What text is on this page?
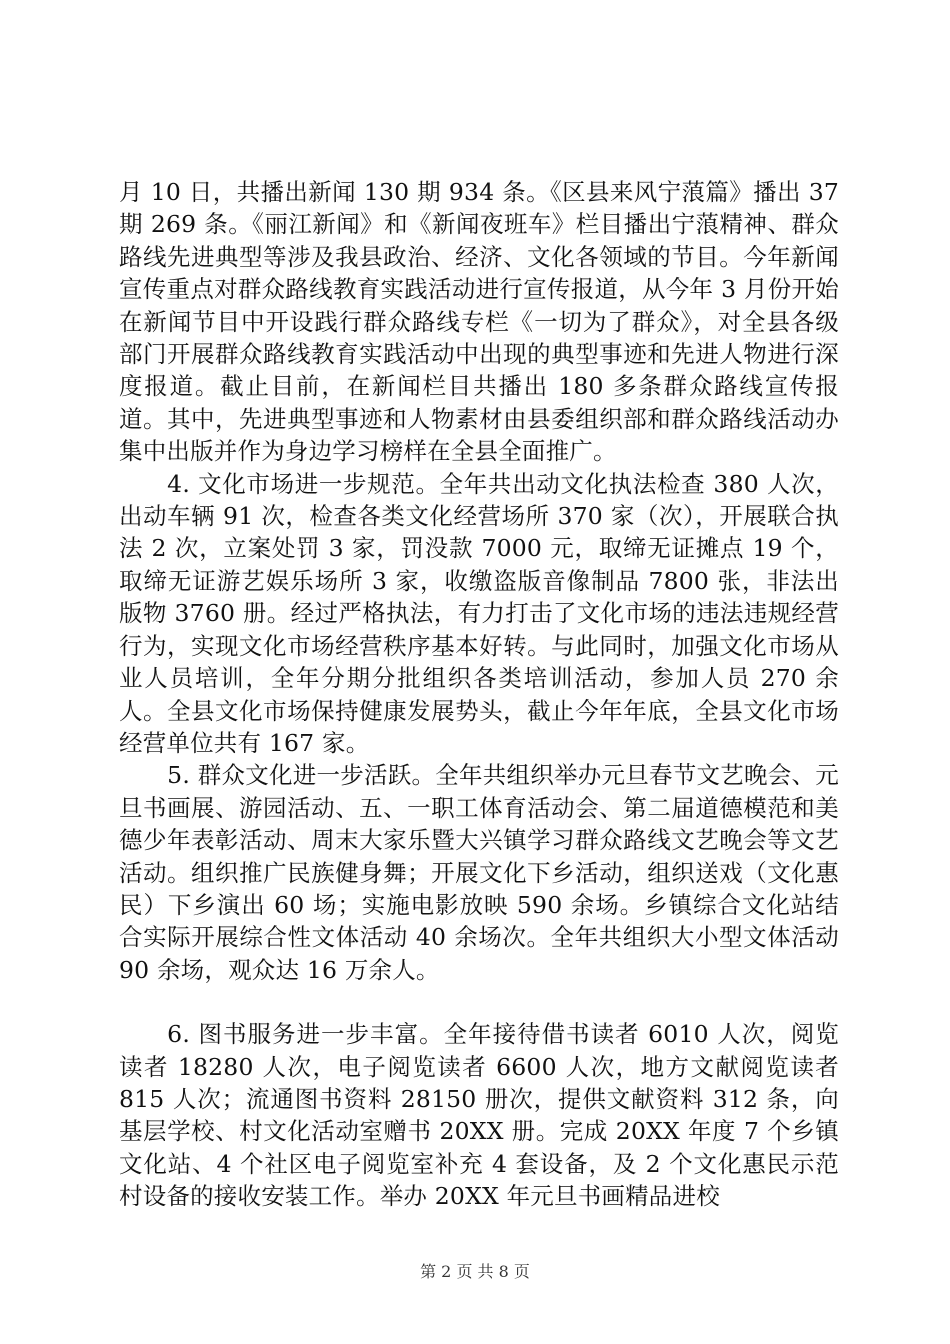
月 10 日，共播出新闻 130 期 934 条。《区县来风宁蒗篇》播出 37 期 269 条。《丽江新闻》和《新闻夜班车》栏目播出宁蒗精神、群众路线先进典型等涉及我县政治、经济、文化各领域的节目。今年新闻宣传重点对群众路线教育实践活动进行宣传报道，从今年 3 月份开始在新闻节目中开设践行群众路线专栏《一切为了群众》，对全县各级部门开展群众路线教育实践活动中出现的典型事迹和先进人物进行深度报道。截止目前，在新闻栏目共播出 180 多条群众路线宣传报道。其中，先进典型事迹和人物素材由县委组织部和群众路线活动办集中出版并作为身边学习榜样在全县全面推广。

4. 文化市场进一步规范。全年共出动文化执法检查 380 人次，出动车辆 91 次，检查各类文化经营场所 370 家（次），开展联合执法 2 次，立案处罚 3 家，罚没款 7000 元，取缔无证摊点 19 个，取缔无证游艺娱乐场所 3 家，收缴盗版音像制品 7800 张，非法出版物 3760 册。经过严格执法，有力打击了文化市场的违法违规经营行为，实现文化市场经营秩序基本好转。与此同时，加强文化市场从业人员培训，全年分期分批组织各类培训活动，参加人员 270 余人。全县文化市场保持健康发展势头，截止今年年底，全县文化市场经营单位共有 167 家。

5. 群众文化进一步活跃。全年共组织举办元旦春节文艺晚会、元旦书画展、游园活动、五、一职工体育活动会、第二届道德模范和美德少年表彰活动、周末大家乐暨大兴镇学习群众路线文艺晚会等文艺活动。组织推广民族健身舞；开展文化下乡活动，组织送戏（文化惠民）下乡演出 60 场；实施电影放映 590 余场。乡镇综合文化站结合实际开展综合性文体活动 40 余场次。全年共组织大小型文体活动 90 余场，观众达 16 万余人。

6. 图书服务进一步丰富。全年接待借书读者 6010 人次，阅览读者 18280 人次，电子阅览读者 6600 人次，地方文献阅览读者 815 人次；流通图书资料 28150 册次，提供文献资料 312 条，向基层学校、村文化活动室赠书 20XX 册。完成 20XX 年度 7 个乡镇文化站、4 个社区电子阅览室补充 4 套设备，及 2 个文化惠民示范村设备的接收安装工作。举办 20XX 年元旦书画精品进校

第 2 页 共 8 页
